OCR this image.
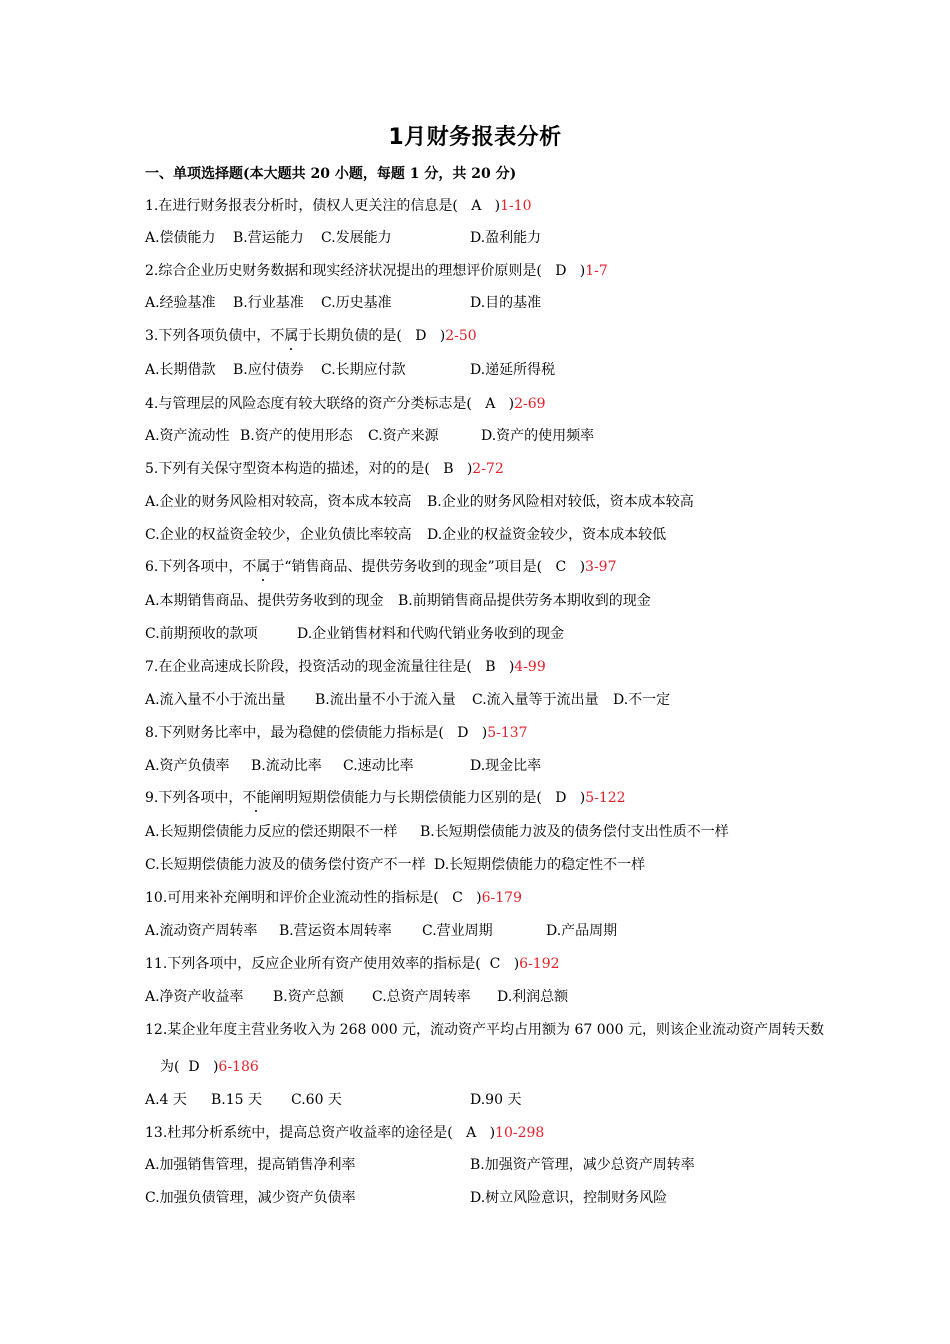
1月财务报表分析
一、单项选择题(本大题共 20 小题，每题 1 分，共 20 分)
1.在进行财务报表分析时，债权人更关注的信息是( A   )1-10
A.偿债能力 B.营运能力 C.发展能力	D.盈利能力
2.综合企业历史财务数据和现实经济状况提出的理想评价原则是( D   )1-7
A.经验基准 B.行业基准 C.历史基准	D.目的基准
3.下列各项负债中，不属于长期负债的是( D   )2-50
A.长期借款 B.应付债券 C.长期应付款	D.递延所得税
4.与管理层的风险态度有较大联络的资产分类标志是( A   )2-69
A.资产流动性 B.资产的使用形态 C.资产来源	D.资产的使用频率
5.下列有关保守型资本构造的描述，对的的是( B   )2-72
A.企业的财务风险相对较高，资本成本较高 B.企业的财务风险相对较低，资本成本较高
C.企业的权益资金较少，企业负债比率较高 D.企业的权益资金较少，资本成本较低
6.下列各项中，不属于“销售商品、提供劳务收到的现金”项目是( C   )3-97
A.本期销售商品、提供劳务收到的现金 B.前期销售商品提供劳务本期收到的现金
C.前期预收的款项	D.企业销售材料和代购代销业务收到的现金
7.在企业高速成长阶段，投资活动的现金流量往往是( B   )4-99
A.流入量不小于流出量 B.流出量不小于流入量 C.流入量等于流出量 D.不一定
8.下列财务比率中，最为稳健的偿债能力指标是( D   )5-137
A.资产负债率 B.流动比率 C.速动比率	D.现金比率
9.下列各项中，不能阐明短期偿债能力与长期偿债能力区别的是( D   )5-122
A.长短期偿债能力反应的偿还期限不一样 B.长短期偿债能力波及的债务偿付支出性质不一样
C.长短期偿债能力波及的债务偿付资产不一样 D.长短期偿债能力的稳定性不一样
10.可用来补充阐明和评价企业流动性的指标是( C   )6-179
A.流动资产周转率 B.营运资本周转率 C.营业周期	D.产品周期
11.下列各项中，反应企业所有资产使用效率的指标是( C   )6-192
A.净资产收益率 B.资产总额 C.总资产周转率 D.利润总额
12.某企业年度主营业务收入为 268 000 元，流动资产平均占用额为 67 000 元，则该企业流动资产周转天数
为( D   )6-186
A.4 天 B.15 天 C.60 天	D.90 天
13.杜邦分析系统中，提高总资产收益率的途径是( A   )10-298
A.加强销售管理，提高销售净利率	B.加强资产管理，减少总资产周转率
C.加强负债管理，减少资产负债率	D.树立风险意识，控制财务风险
